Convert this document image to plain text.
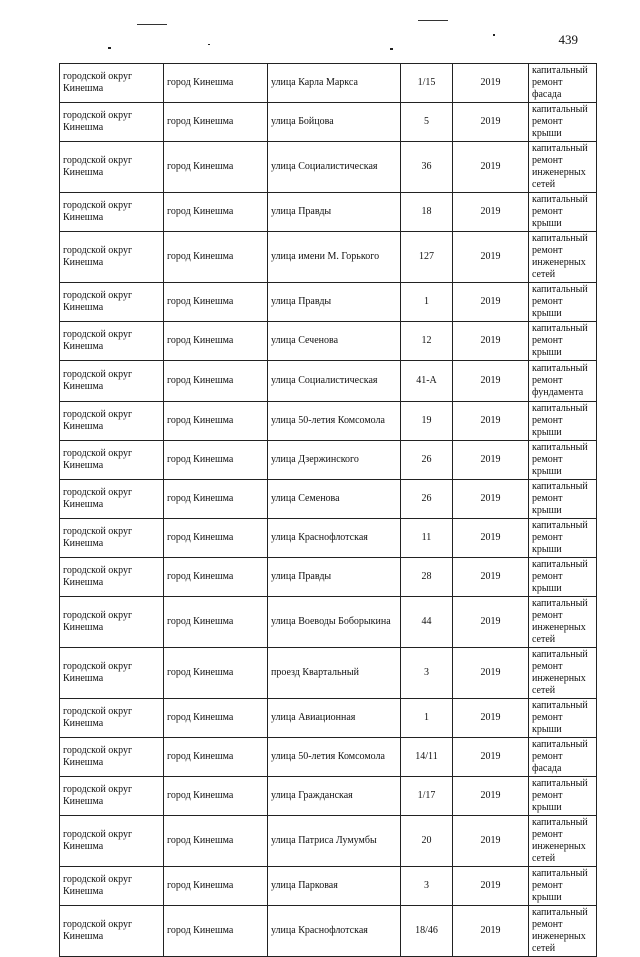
439
городской округ Кинешма	город Кинешма	улица Карла Маркса	1/15	2019	капитальный ремонт фасада
городской округ Кинешма	город Кинешма	улица Бойцова	5	2019	капитальный ремонт крыши
городской округ Кинешма	город Кинешма	улица Социалистическая	36	2019	капитальный ремонт инженерных сетей
городской округ Кинешма	город Кинешма	улица Правды	18	2019	капитальный ремонт крыши
городской округ Кинешма	город Кинешма	улица имени М. Горького	127	2019	капитальный ремонт инженерных сетей
городской округ Кинешма	город Кинешма	улица Правды	1	2019	капитальный ремонт крыши
городской округ Кинешма	город Кинешма	улица Сеченова	12	2019	капитальный ремонт крыши
городской округ Кинешма	город Кинешма	улица Социалистическая	41-А	2019	капитальный ремонт фундамента
городской округ Кинешма	город Кинешма	улица 50-летия Комсомола	19	2019	капитальный ремонт крыши
городской округ Кинешма	город Кинешма	улица Дзержинского	26	2019	капитальный ремонт крыши
городской округ Кинешма	город Кинешма	улица Семенова	26	2019	капитальный ремонт крыши
городской округ Кинешма	город Кинешма	улица Краснофлотская	11	2019	капитальный ремонт крыши
городской округ Кинешма	город Кинешма	улица Правды	28	2019	капитальный ремонт крыши
городской округ Кинешма	город Кинешма	улица Воеводы Боборыкина	44	2019	капитальный ремонт инженерных сетей
городской округ Кинешма	город Кинешма	проезд Квартальный	3	2019	капитальный ремонт инженерных сетей
городской округ Кинешма	город Кинешма	улица Авиационная	1	2019	капитальный ремонт крыши
городской округ Кинешма	город Кинешма	улица 50-летия Комсомола	14/11	2019	капитальный ремонт фасада
городской округ Кинешма	город Кинешма	улица Гражданская	1/17	2019	капитальный ремонт крыши
городской округ Кинешма	город Кинешма	улица Патриса Лумумбы	20	2019	капитальный ремонт инженерных сетей
городской округ Кинешма	город Кинешма	улица Парковая	3	2019	капитальный ремонт крыши
городской округ Кинешма	город Кинешма	улица Краснофлотская	18/46	2019	капитальный ремонт инженерных сетей
